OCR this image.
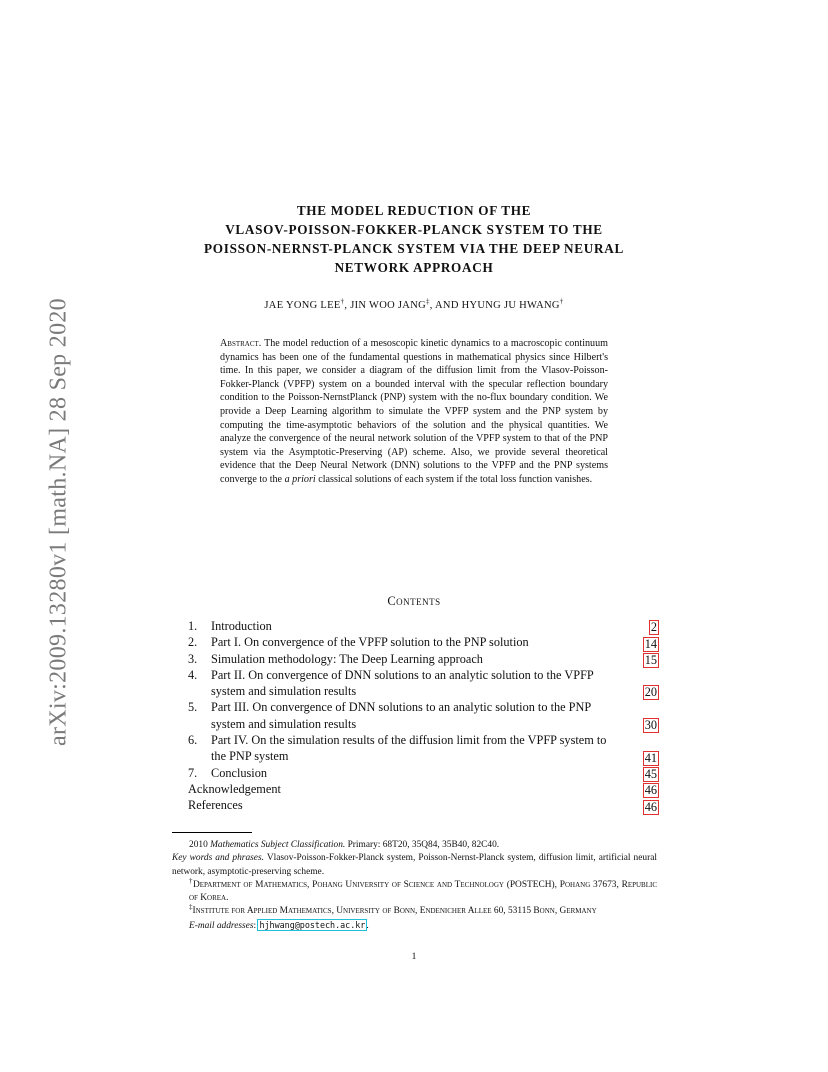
arXiv:2009.13280v1 [math.NA] 28 Sep 2020
THE MODEL REDUCTION OF THE
VLASOV-POISSON-FOKKER-PLANCK SYSTEM TO THE
POISSON-NERNST-PLANCK SYSTEM VIA THE DEEP NEURAL
NETWORK APPROACH
JAE YONG LEE†, JIN WOO JANG‡, AND HYUNG JU HWANG†
Abstract. The model reduction of a mesoscopic kinetic dynamics to a macroscopic continuum dynamics has been one of the fundamental questions in mathematical physics since Hilbert's time. In this paper, we consider a diagram of the diffusion limit from the Vlasov-Poisson-Fokker-Planck (VPFP) system on a bounded interval with the specular reflection boundary condition to the Poisson-NernstPlanck (PNP) system with the no-flux boundary condition. We provide a Deep Learning algorithm to simulate the VPFP system and the PNP system by computing the time-asymptotic behaviors of the solution and the physical quantities. We analyze the convergence of the neural network solution of the VPFP system to that of the PNP system via the Asymptotic-Preserving (AP) scheme. Also, we provide several theoretical evidence that the Deep Neural Network (DNN) solutions to the VPFP and the PNP systems converge to the a priori classical solutions of each system if the total loss function vanishes.
Contents
1. Introduction	2
2. Part I. On convergence of the VPFP solution to the PNP solution	14
3. Simulation methodology: The Deep Learning approach	15
4. Part II. On convergence of DNN solutions to an analytic solution to the VPFP system and simulation results	20
5. Part III. On convergence of DNN solutions to an analytic solution to the PNP system and simulation results	30
6. Part IV. On the simulation results of the diffusion limit from the VPFP system to the PNP system	41
7. Conclusion	45
Acknowledgement	46
References	46
2010 Mathematics Subject Classification. Primary: 68T20, 35Q84, 35B40, 82C40.
Key words and phrases. Vlasov-Poisson-Fokker-Planck system, Poisson-Nernst-Planck system, diffusion limit, artificial neural network, asymptotic-preserving scheme.
†Department of Mathematics, Pohang University of Science and Technology (POSTECH), Pohang 37673, Republic of Korea.
‡Institute for Applied Mathematics, University of Bonn, Endenicher Allee 60, 53115 Bonn, Germany
E-mail addresses: hjhwang@postech.ac.kr.
1
